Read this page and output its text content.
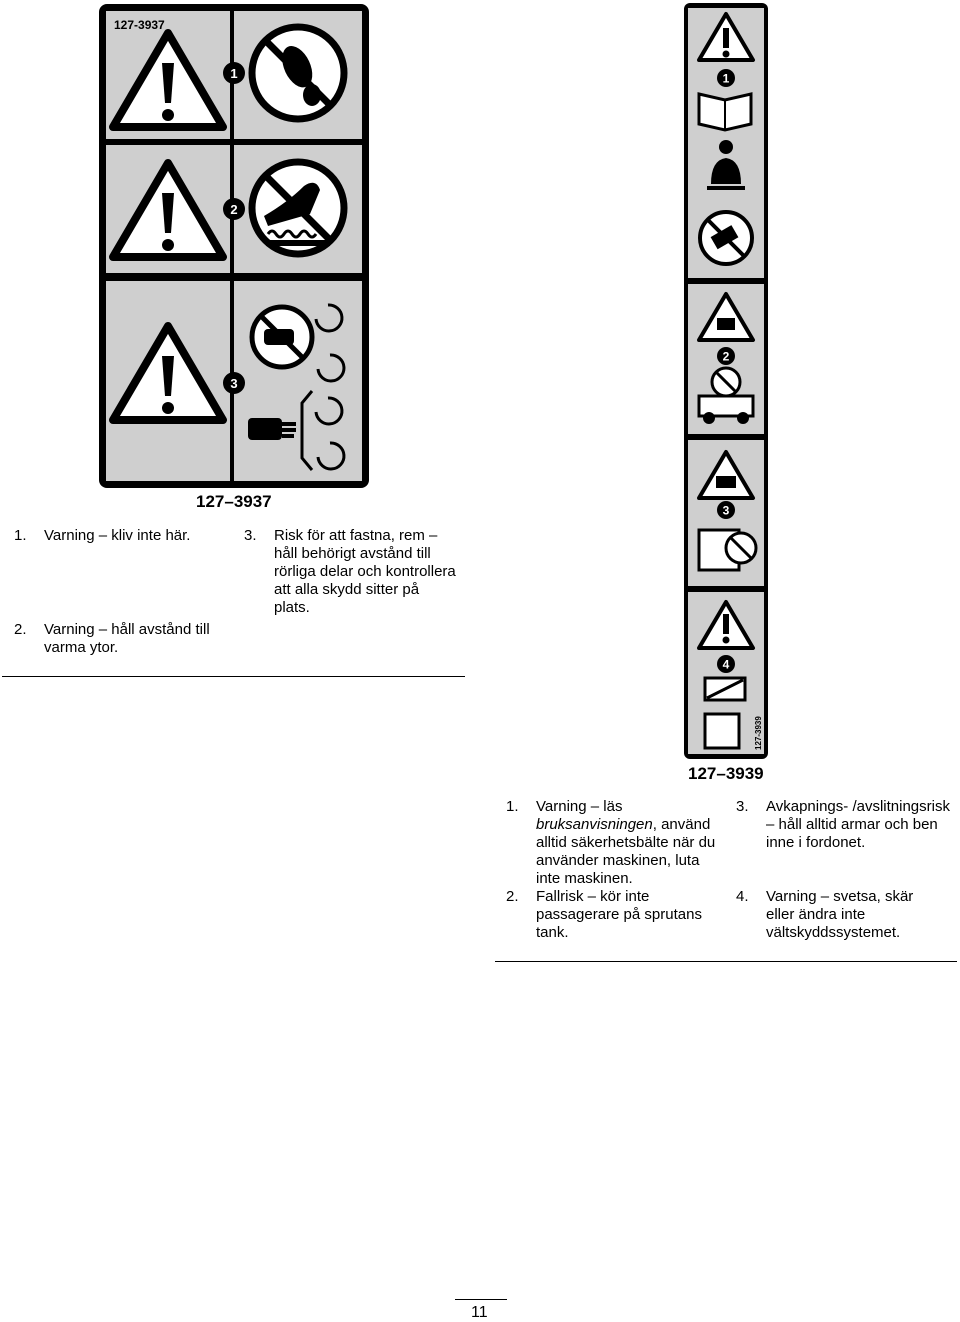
127-3937
1
2
3
127–3937
1. Varning – kliv inte här.
2. Varning – håll avstånd till varma ytor.
3. Risk för att fastna, rem – håll behörigt avstånd till rörliga delar och kontrollera att alla skydd sitter på plats.
1
2
3
4
127-3939
127–3939
1. Varning – läs bruksanvisningen, använd alltid säkerhetsbälte när du använder maskinen, luta inte maskinen.
2. Fallrisk – kör inte passagerare på sprutans tank.
3. Avkapnings- /avslitningsrisk – håll alltid armar och ben inne i fordonet.
4. Varning – svetsa, skär eller ändra inte vältskyddssystemet.
11
